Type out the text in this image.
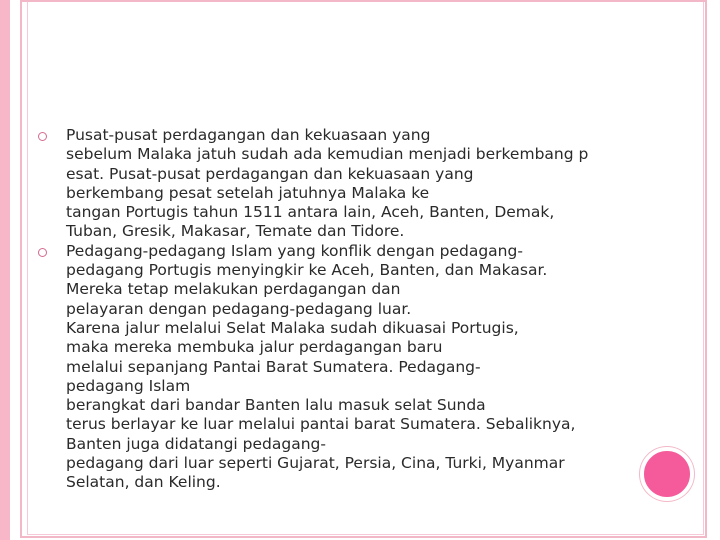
Pusat-pusat perdagangan dan kekuasaan yang
sebelum Malaka jatuh sudah ada kemudian menjadi berkembang p
esat. Pusat-pusat perdagangan dan kekuasaan yang
berkembang pesat setelah jatuhnya Malaka ke
tangan Portugis tahun 1511 antara lain, Aceh, Banten, Demak,
Tuban, Gresik, Makasar, Temate dan Tidore.
Pedagang-pedagang Islam yang konflik dengan pedagang-
pedagang Portugis menyingkir ke Aceh, Banten, dan Makasar.
Mereka tetap melakukan perdagangan dan
pelayaran dengan pedagang-pedagang luar.
Karena jalur melalui Selat Malaka sudah dikuasai Portugis,
maka mereka membuka jalur perdagangan baru
melalui sepanjang Pantai Barat Sumatera. Pedagang-
pedagang Islam
berangkat dari bandar Banten lalu masuk selat Sunda
terus berlayar ke luar melalui pantai barat Sumatera. Sebaliknya,
Banten juga didatangi pedagang-
pedagang dari luar seperti Gujarat, Persia, Cina, Turki, Myanmar
Selatan, dan Keling.
